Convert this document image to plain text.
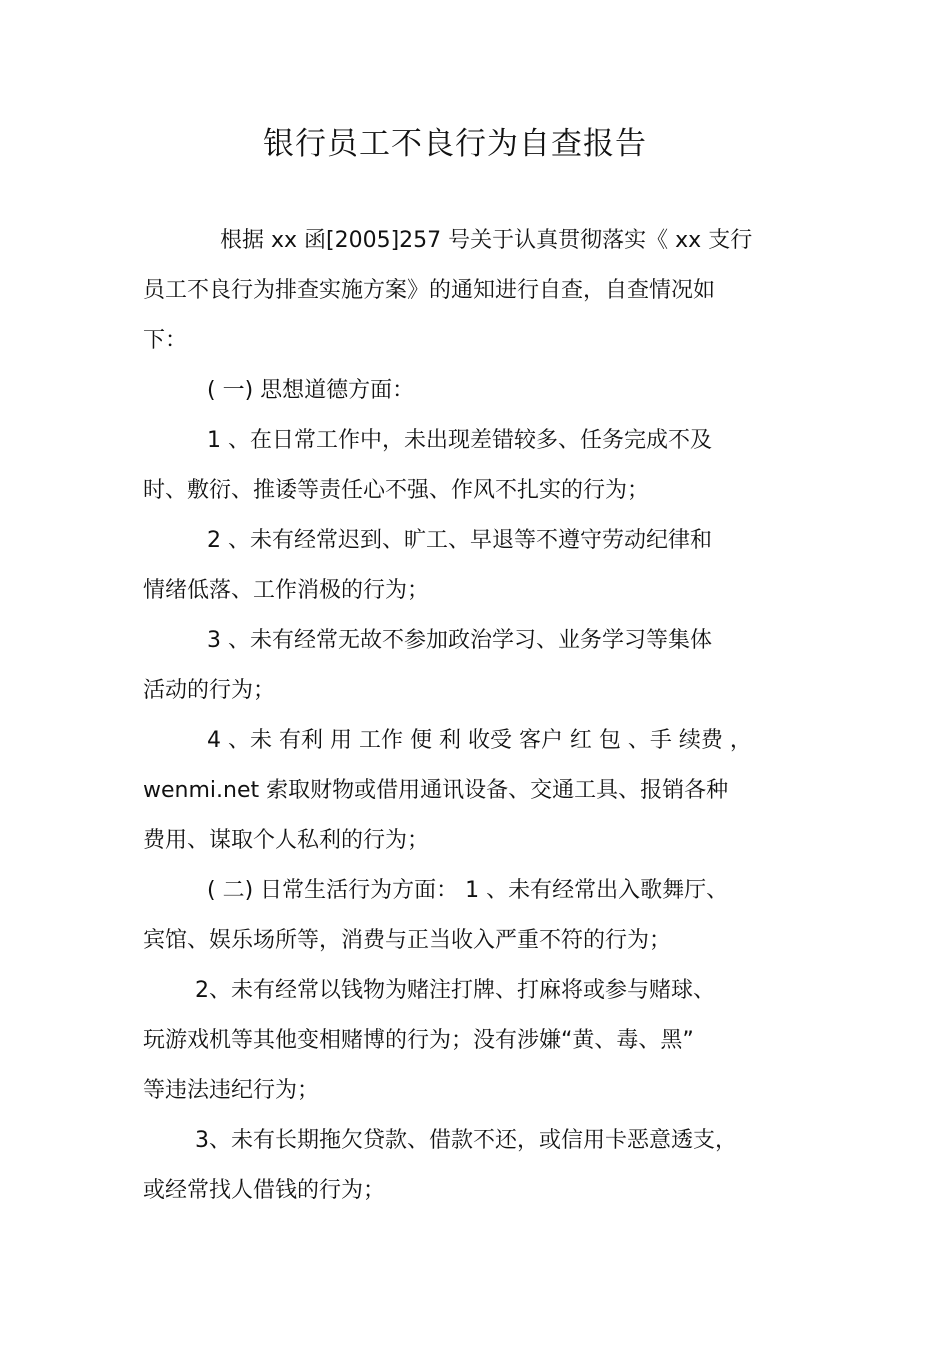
银行员工不良行为自查报告
根据 xx 函[2005]257 号关于认真贯彻落实《 xx 支行
员工不良行为排查实施方案》的通知进行自查，自查情况如
下：
( 一) 思想道德方面：
1 、在日常工作中，未出现差错较多、任务完成不及
时、敷衍、推诿等责任心不强、作风不扎实的行为；
2 、未有经常迟到、旷工、早退等不遵守劳动纪律和
情绪低落、工作消极的行为；
3 、未有经常无故不参加政治学习、业务学习等集体
活动的行为；
4 、未 有利 用 工作 便 利 收受 客户 红 包 、手 续费 ，
wenmi.net 索取财物或借用通讯设备、交通工具、报销各种
费用、谋取个人私利的行为；
( 二) 日常生活行为方面： 1 、未有经常出入歌舞厅、
宾馆、娱乐场所等，消费与正当收入严重不符的行为；
2、未有经常以钱物为赌注打牌、打麻将或参与赌球、
玩游戏机等其他变相赌博的行为；没有涉嫌“黄、毒、黑”
等违法违纪行为；
3、未有长期拖欠贷款、借款不还，或信用卡恶意透支，
或经常找人借钱的行为；
